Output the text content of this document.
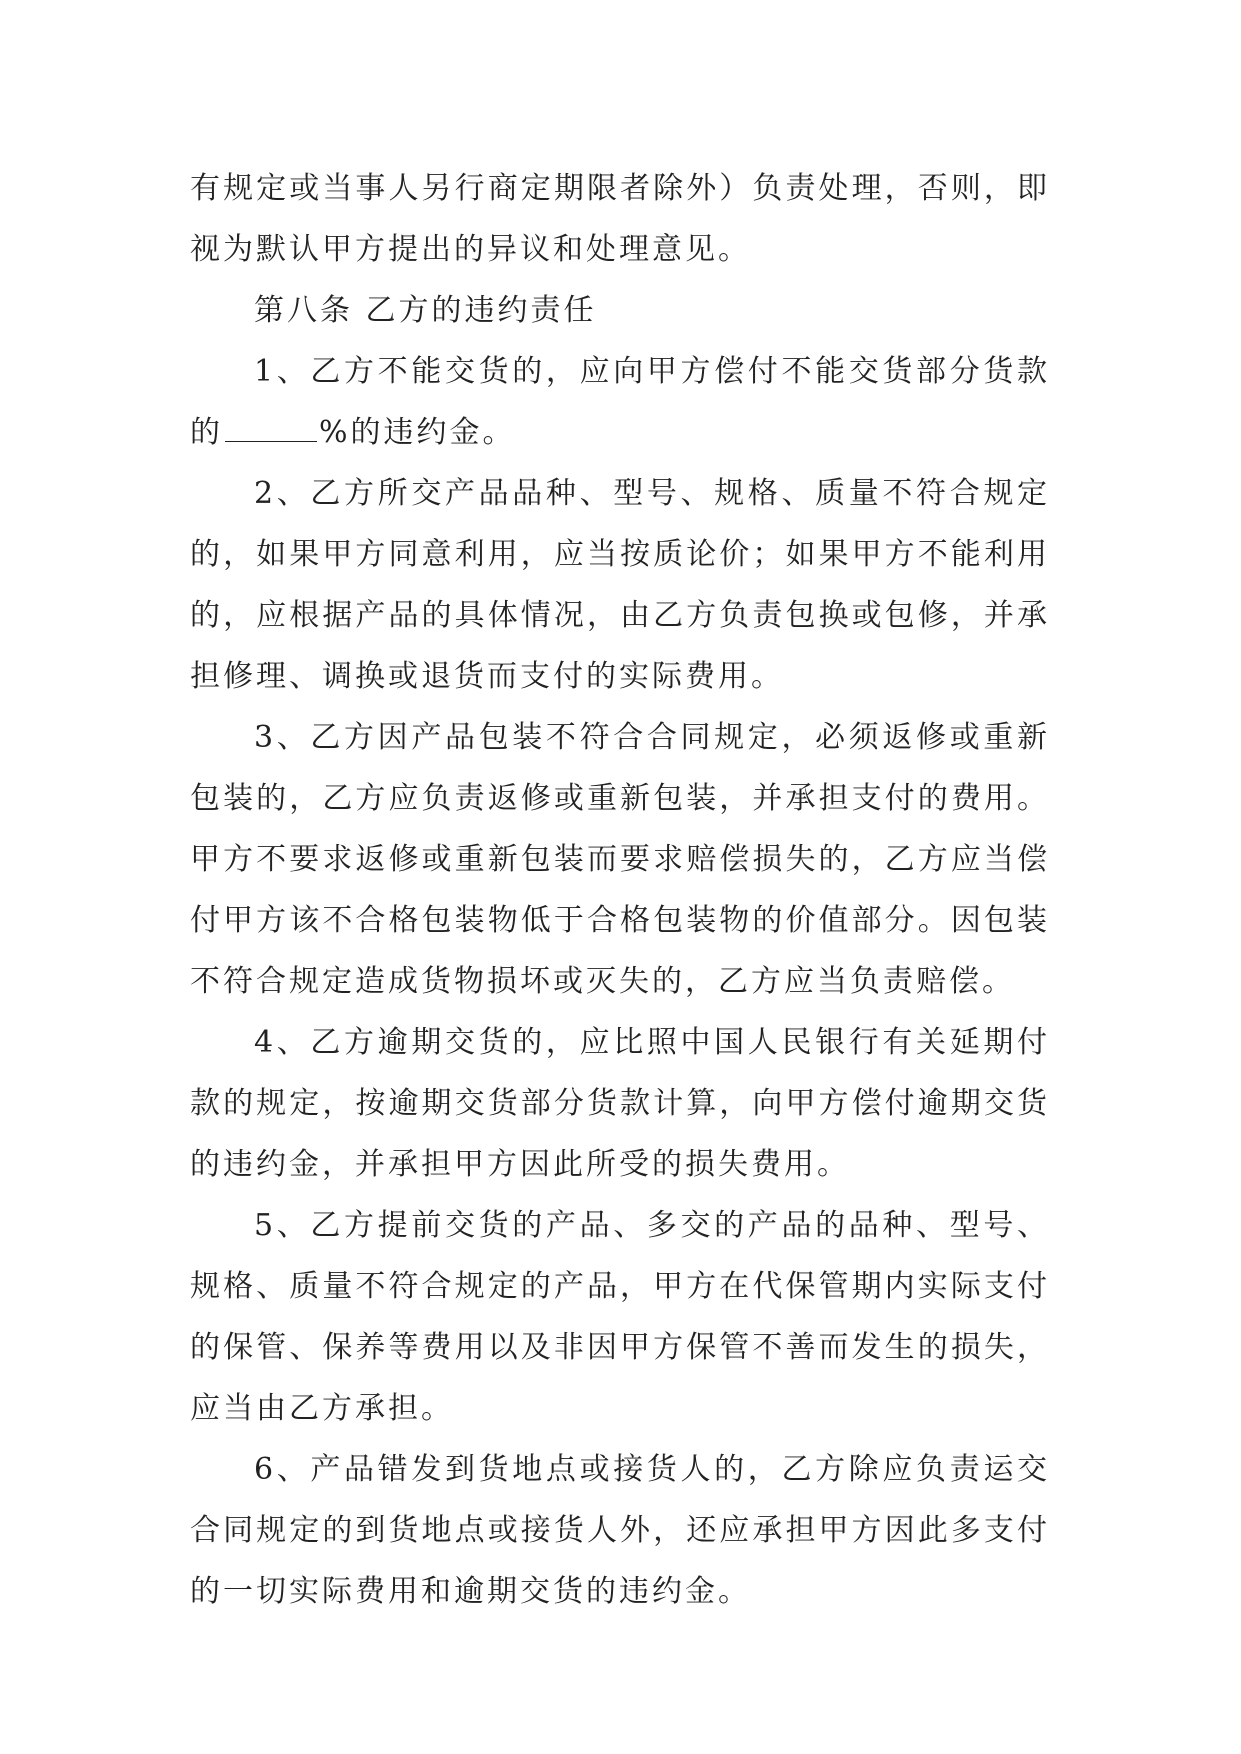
有规定或当事人另行商定期限者除外）负责处理，否则，即视为默认甲方提出的异议和处理意见。

第八条 乙方的违约责任

1、乙方不能交货的，应向甲方偿付不能交货部分货款的	%的违约金。

2、乙方所交产品品种、型号、规格、质量不符合规定的，如果甲方同意利用，应当按质论价；如果甲方不能利用的，应根据产品的具体情况，由乙方负责包换或包修，并承担修理、调换或退货而支付的实际费用。

3、乙方因产品包装不符合合同规定，必须返修或重新包装的，乙方应负责返修或重新包装，并承担支付的费用。甲方不要求返修或重新包装而要求赔偿损失的，乙方应当偿付甲方该不合格包装物低于合格包装物的价值部分。因包装不符合规定造成货物损坏或灭失的，乙方应当负责赔偿。

4、乙方逾期交货的，应比照中国人民银行有关延期付款的规定，按逾期交货部分货款计算，向甲方偿付逾期交货的违约金，并承担甲方因此所受的损失费用。

5、乙方提前交货的产品、多交的产品的品种、型号、规格、质量不符合规定的产品，甲方在代保管期内实际支付的保管、保养等费用以及非因甲方保管不善而发生的损失，应当由乙方承担。

6、产品错发到货地点或接货人的，乙方除应负责运交合同规定的到货地点或接货人外，还应承担甲方因此多支付的一切实际费用和逾期交货的违约金。
